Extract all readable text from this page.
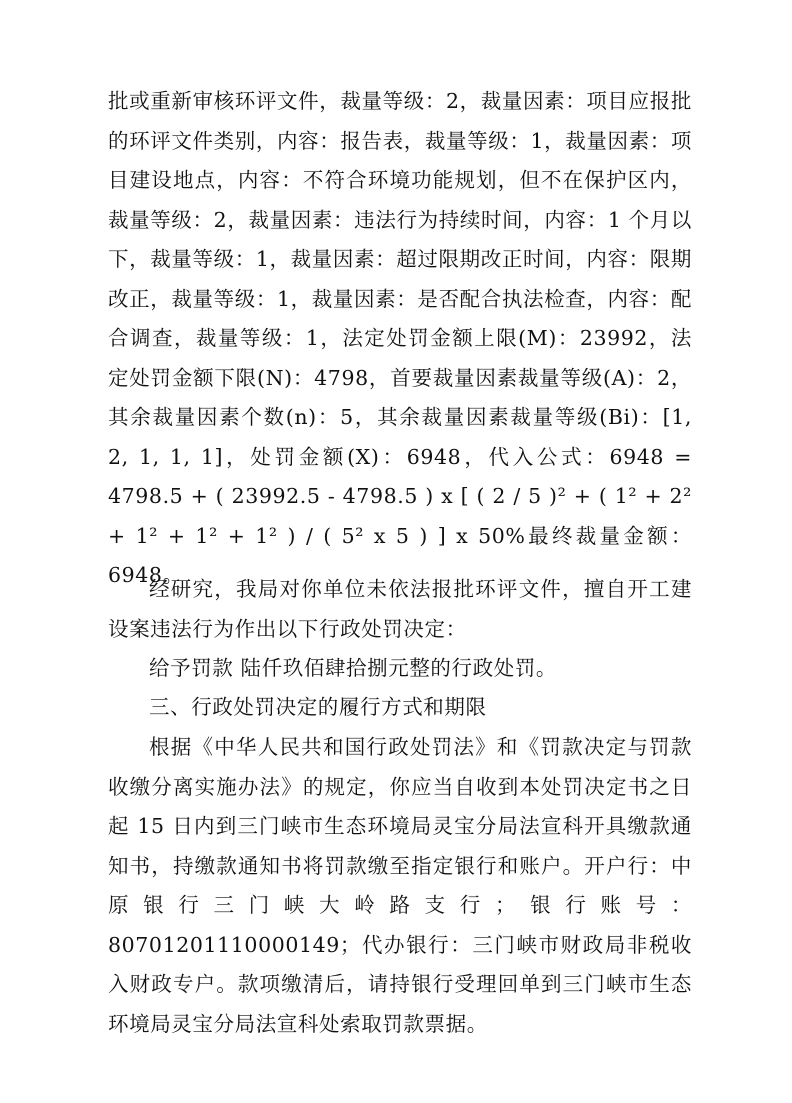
批或重新审核环评文件，裁量等级：2，裁量因素：项目应报批的环评文件类别，内容：报告表，裁量等级：1，裁量因素：项目建设地点，内容：不符合环境功能规划，但不在保护区内，裁量等级：2，裁量因素：违法行为持续时间，内容：1 个月以下，裁量等级：1，裁量因素：超过限期改正时间，内容：限期改正，裁量等级：1，裁量因素：是否配合执法检查，内容：配合调查，裁量等级：1，法定处罚金额上限(M)：23992，法定处罚金额下限(N)：4798，首要裁量因素裁量等级(A)：2，其余裁量因素个数(n)：5，其余裁量因素裁量等级(Bi)：[1, 2, 1, 1, 1]，处罚金额(X)：6948，代入公式：6948 = 4798.5 + ( 23992.5 - 4798.5 ) x [ ( 2 / 5 )² + ( 1² + 2² + 1² + 1² + 1² ) / ( 5² x 5 ) ] x 50%最终裁量金额：6948。

经研究，我局对你单位未依法报批环评文件，擅自开工建设案违法行为作出以下行政处罚决定：

给予罚款 陆仟玖佰肆拾捌元整的行政处罚。

三、行政处罚决定的履行方式和期限

根据《中华人民共和国行政处罚法》和《罚款决定与罚款收缴分离实施办法》的规定，你应当自收到本处罚决定书之日起 15 日内到三门峡市生态环境局灵宝分局法宣科开具缴款通知书，持缴款通知书将罚款缴至指定银行和账户。开户行：中原银行三门峡大岭路支行；银行账号：80701201110000149；代办银行：三门峡市财政局非税收入财政专户。款项缴清后，请持银行受理回单到三门峡市生态环境局灵宝分局法宣科处索取罚款票据。
